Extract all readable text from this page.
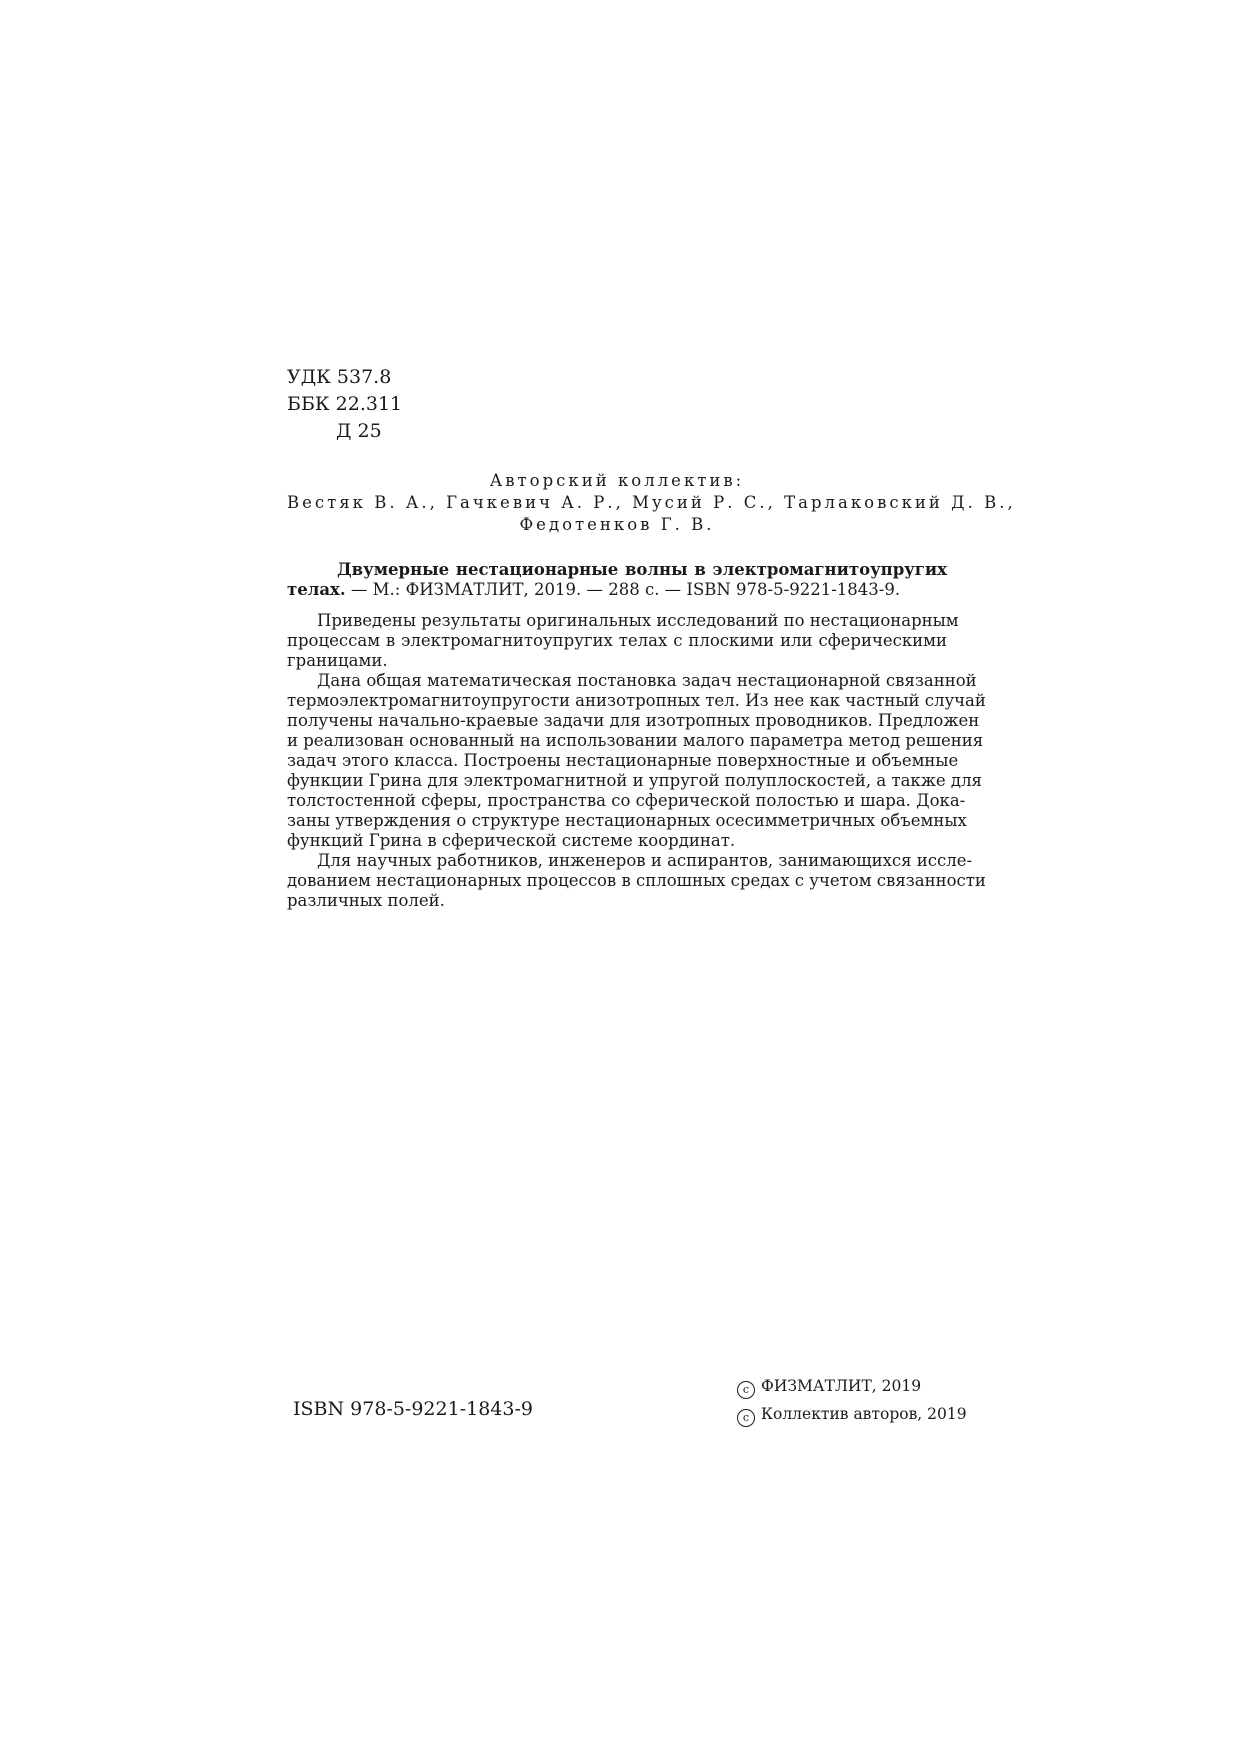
УДК 537.8
ББК 22.311
Д 25
Авторский коллектив:
Вестяк В. А., Гачкевич А. Р., Мусий Р. С., Тарлаковский Д. В.,
Федотенков Г. В.
Двумерные нестационарные волны в электромагнитоупругих
телах. — М.: ФИЗМАТЛИТ, 2019. — 288 с. — ISBN 978-5-9221-1843-9.
Приведены результаты оригинальных исследований по нестационарным
процессам в электромагнитоупругих телах с плоскими или сферическими
границами.
Дана общая математическая постановка задач нестационарной связанной
термоэлектромагнитоупругости анизотропных тел. Из нее как частный случай
получены начально-краевые задачи для изотропных проводников. Предложен
и реализован основанный на использовании малого параметра метод решения
задач этого класса. Построены нестационарные поверхностные и объемные
функции Грина для электромагнитной и упругой полуплоскостей, а также для
толстостенной сферы, пространства со сферической полостью и шара. Дока-
заны утверждения о структуре нестационарных осесимметричных объемных
функций Грина в сферической системе координат.
Для научных работников, инженеров и аспирантов, занимающихся иссле-
дованием нестационарных процессов в сплошных средах с учетом связанности
различных полей.
ISBN 978-5-9221-1843-9
c ФИЗМАТЛИТ, 2019
c Коллектив авторов, 2019
